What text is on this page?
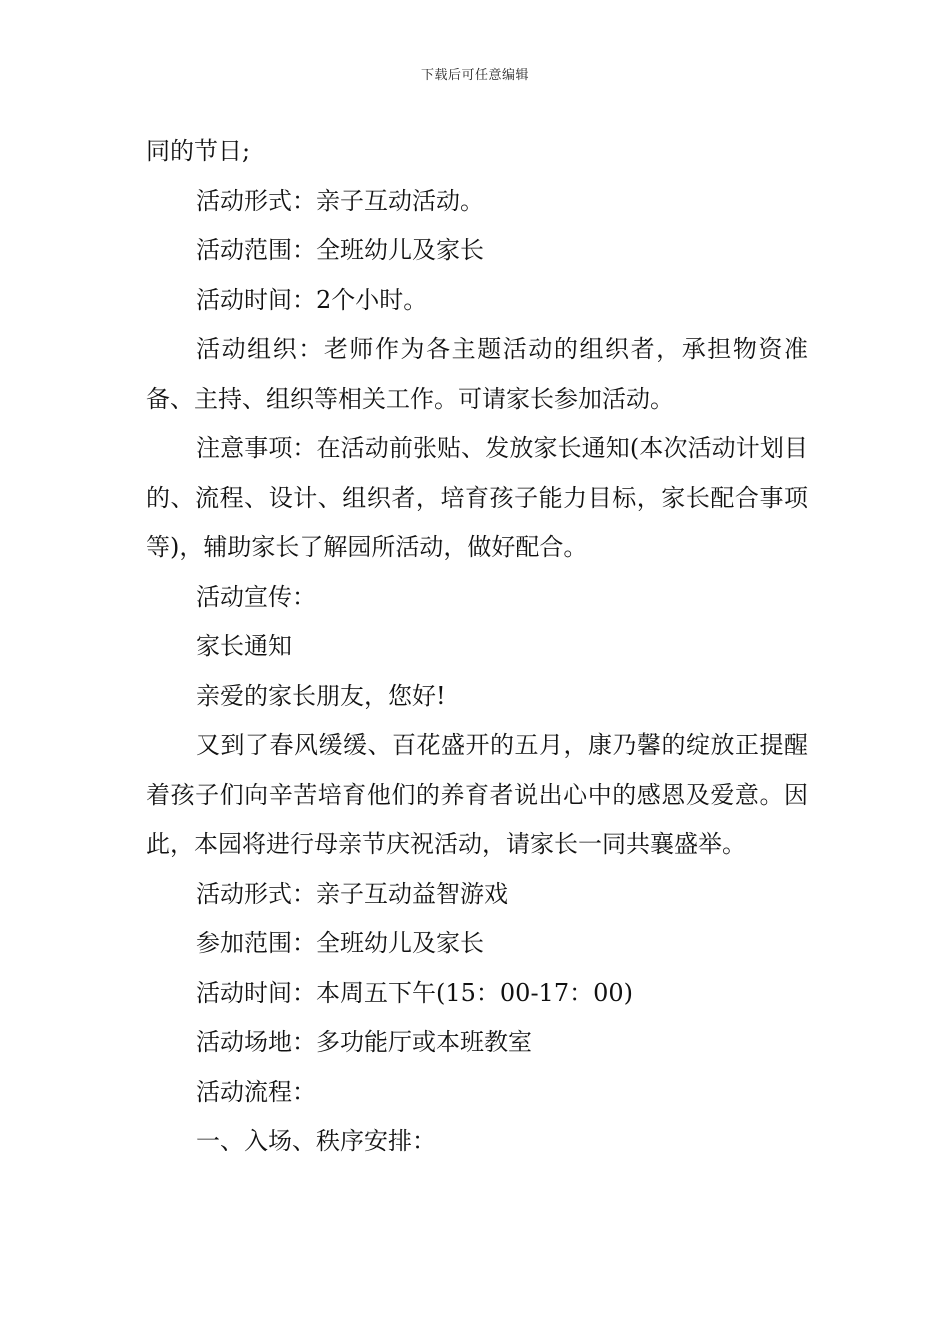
下载后可任意编辑

同的节日;

活动形式：亲子互动活动。

活动范围：全班幼儿及家长

活动时间：2个小时。

活动组织：老师作为各主题活动的组织者，承担物资准备、主持、组织等相关工作。可请家长参加活动。

注意事项：在活动前张贴、发放家长通知(本次活动计划目的、流程、设计、组织者，培育孩子能力目标，家长配合事项等)，辅助家长了解园所活动，做好配合。

活动宣传：

家长通知

亲爱的家长朋友，您好!

又到了春风缓缓、百花盛开的五月，康乃馨的绽放正提醒着孩子们向辛苦培育他们的养育者说出心中的感恩及爱意。因此，本园将进行母亲节庆祝活动，请家长一同共襄盛举。

活动形式：亲子互动益智游戏

参加范围：全班幼儿及家长

活动时间：本周五下午(15：00-17：00)

活动场地：多功能厅或本班教室

活动流程：

一、入场、秩序安排：
